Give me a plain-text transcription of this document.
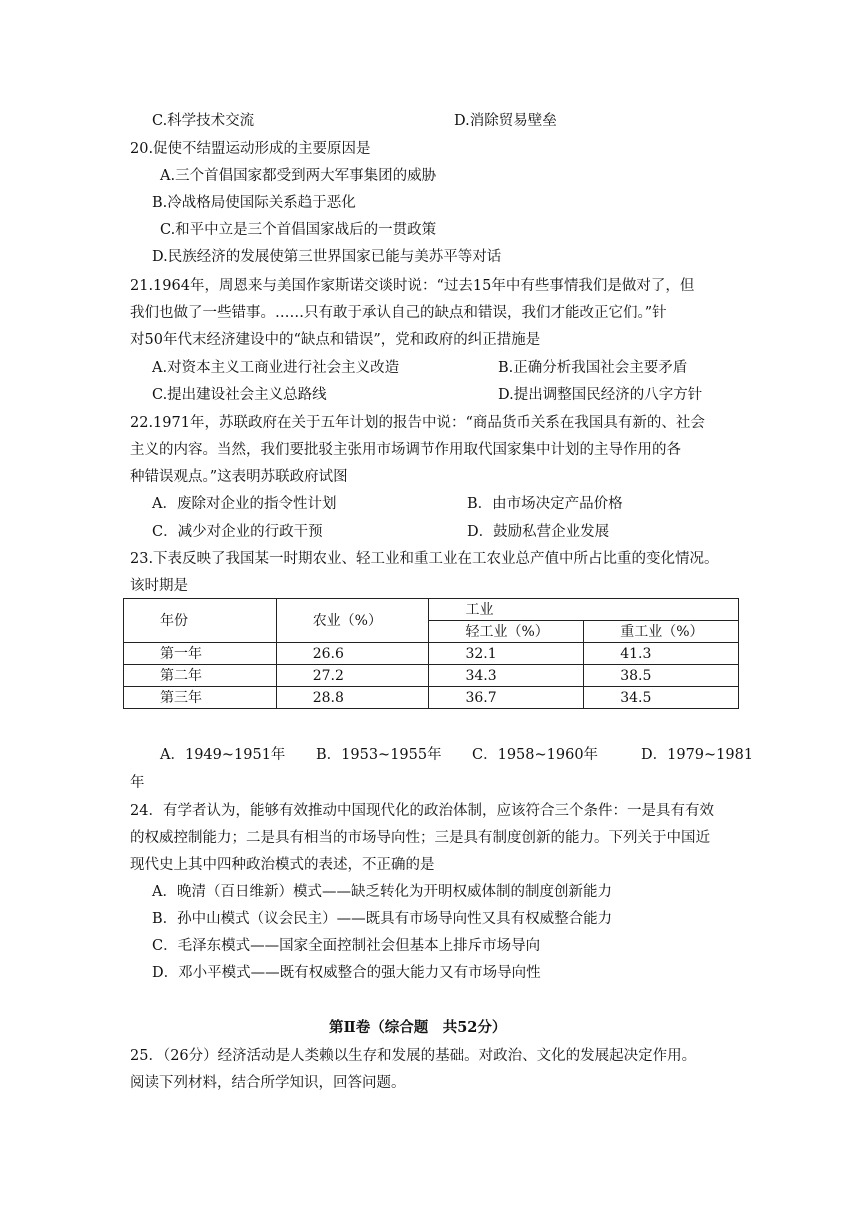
C.科学技术交流	D.消除贸易壁垒
20.促使不结盟运动形成的主要原因是
A.三个首倡国家都受到两大军事集团的威胁
B.冷战格局使国际关系趋于恶化
C.和平中立是三个首倡国家战后的一贯政策
D.民族经济的发展使第三世界国家已能与美苏平等对话
21.1964年，周恩来与美国作家斯诺交谈时说：“过去15年中有些事情我们是做对了，但
我们也做了一些错事。……只有敢于承认自己的缺点和错误，我们才能改正它们。”针
对50年代末经济建设中的“缺点和错误”，党和政府的纠正措施是
A.对资本主义工商业进行社会主义改造	B.正确分析我国社会主要矛盾
C.提出建设社会主义总路线	D.提出调整国民经济的八字方针
22.1971年，苏联政府在关于五年计划的报告中说：“商品货币关系在我国具有新的、社会
主义的内容。当然，我们要批驳主张用市场调节作用取代国家集中计划的主导作用的各
种错误观点。”这表明苏联政府试图
A．废除对企业的指令性计划	B．由市场决定产品价格
C．减少对企业的行政干预	D．鼓励私营企业发展
23.下表反映了我国某一时期农业、轻工业和重工业在工农业总产值中所占比重的变化情况。
该时期是
年份	农业（%）	工业	
		轻工业（%）	重工业（%）
第一年	26.6	32.1	41.3
第二年	27.2	34.3	38.5
第三年	28.8	36.7	34.5
A．1949~1951年 B．1953~1955年 C．1958~1960年	D．1979~1981
年
24．有学者认为，能够有效推动中国现代化的政治体制，应该符合三个条件：一是具有有效
的权威控制能力；二是具有相当的市场导向性；三是具有制度创新的能力。下列关于中国近
现代史上其中四种政治模式的表述，不正确的是
A．晚清（百日维新）模式——缺乏转化为开明权威体制的制度创新能力
B．孙中山模式（议会民主）——既具有市场导向性又具有权威整合能力
C．毛泽东模式——国家全面控制社会但基本上排斥市场导向
D．邓小平模式——既有权威整合的强大能力又有市场导向性
第Ⅱ卷（综合题　共52分）
25．（26分）经济活动是人类赖以生存和发展的基础。对政治、文化的发展起决定作用。
阅读下列材料，结合所学知识，回答问题。
